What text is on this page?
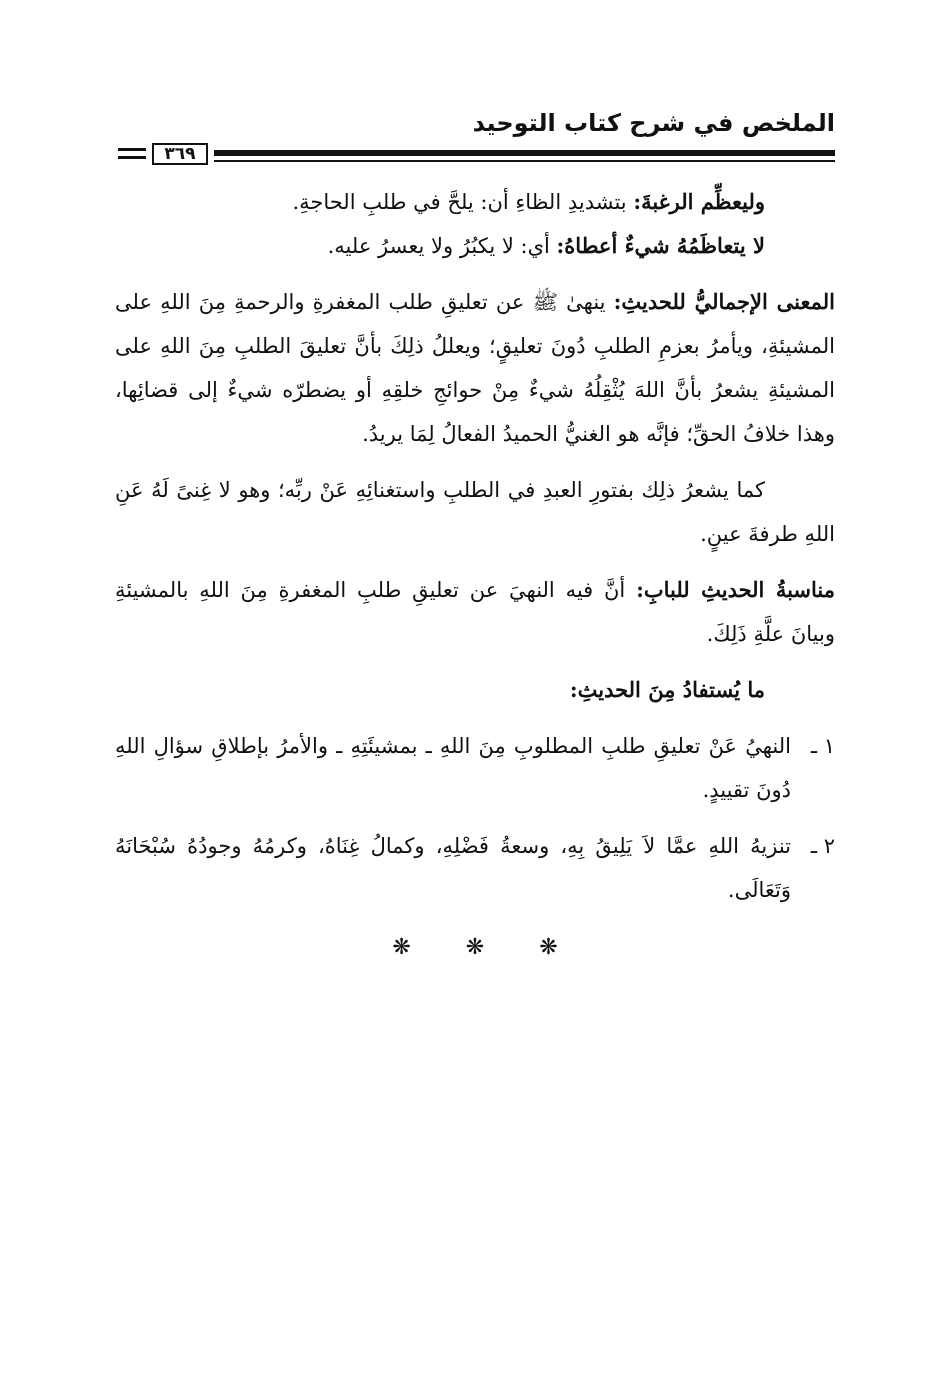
الملخص في شرح كتاب التوحيد
٣٦٩

وليعظِّم الرغبةَ: بتشديدِ الظاءِ أن: يلحَّ في طلبِ الحاجةِ.

لا يتعاظَمُهُ شيءٌ أعطاهُ: أي: لا يكبُرُ ولا يعسرُ عليه.

المعنى الإجماليُّ للحديثِ: ينهىٰ ﷺ عن تعليقِ طلب المغفرةِ والرحمةِ مِنَ اللهِ على المشيئةِ، ويأمرُ بعزمِ الطلبِ دُونَ تعليقٍ؛ ويعللُ ذلِكَ بأنَّ تعليقَ الطلبِ مِنَ اللهِ على المشيئةِ يشعرُ بأنَّ اللهَ يُثْقِلُهُ شيءٌ مِنْ حوائجِ خلقِهِ أو يضطرّه شيءٌ إلى قضائِها، وهذا خلافُ الحقِّ؛ فإنَّه هو الغنيُّ الحميدُ الفعالُ لِمَا يريدُ.

كما يشعرُ ذلِك بفتورِ العبدِ في الطلبِ واستغنائِهِ عَنْ ربِّه؛ وهو لا غِنىً لَهُ عَنِ اللهِ طرفةَ عينٍ.

مناسبةُ الحديثِ للبابِ: أنَّ فيه النهيَ عن تعليقِ طلبِ المغفرةِ مِنَ اللهِ بالمشيئةِ وبيانَ علَّةِ ذَلِكَ.

ما يُستفادُ مِنَ الحديثِ:

١ ـ
النهيُ عَنْ تعليقِ طلبِ المطلوبِ مِنَ اللهِ ـ بمشيئَتِهِ ـ والأمرُ بإطلاقِ سؤالِ اللهِ دُونَ تقييدٍ.
٢ ـ
تنزيهُ اللهِ عمَّا لاَ يَلِيقُ بِهِ، وسعةُ فَضْلِهِ، وكمالُ غِنَاهُ، وكرمُهُ وجودُهُ سُبْحَانَهُ وَتَعَالَى.
❋ ❋ ❋
